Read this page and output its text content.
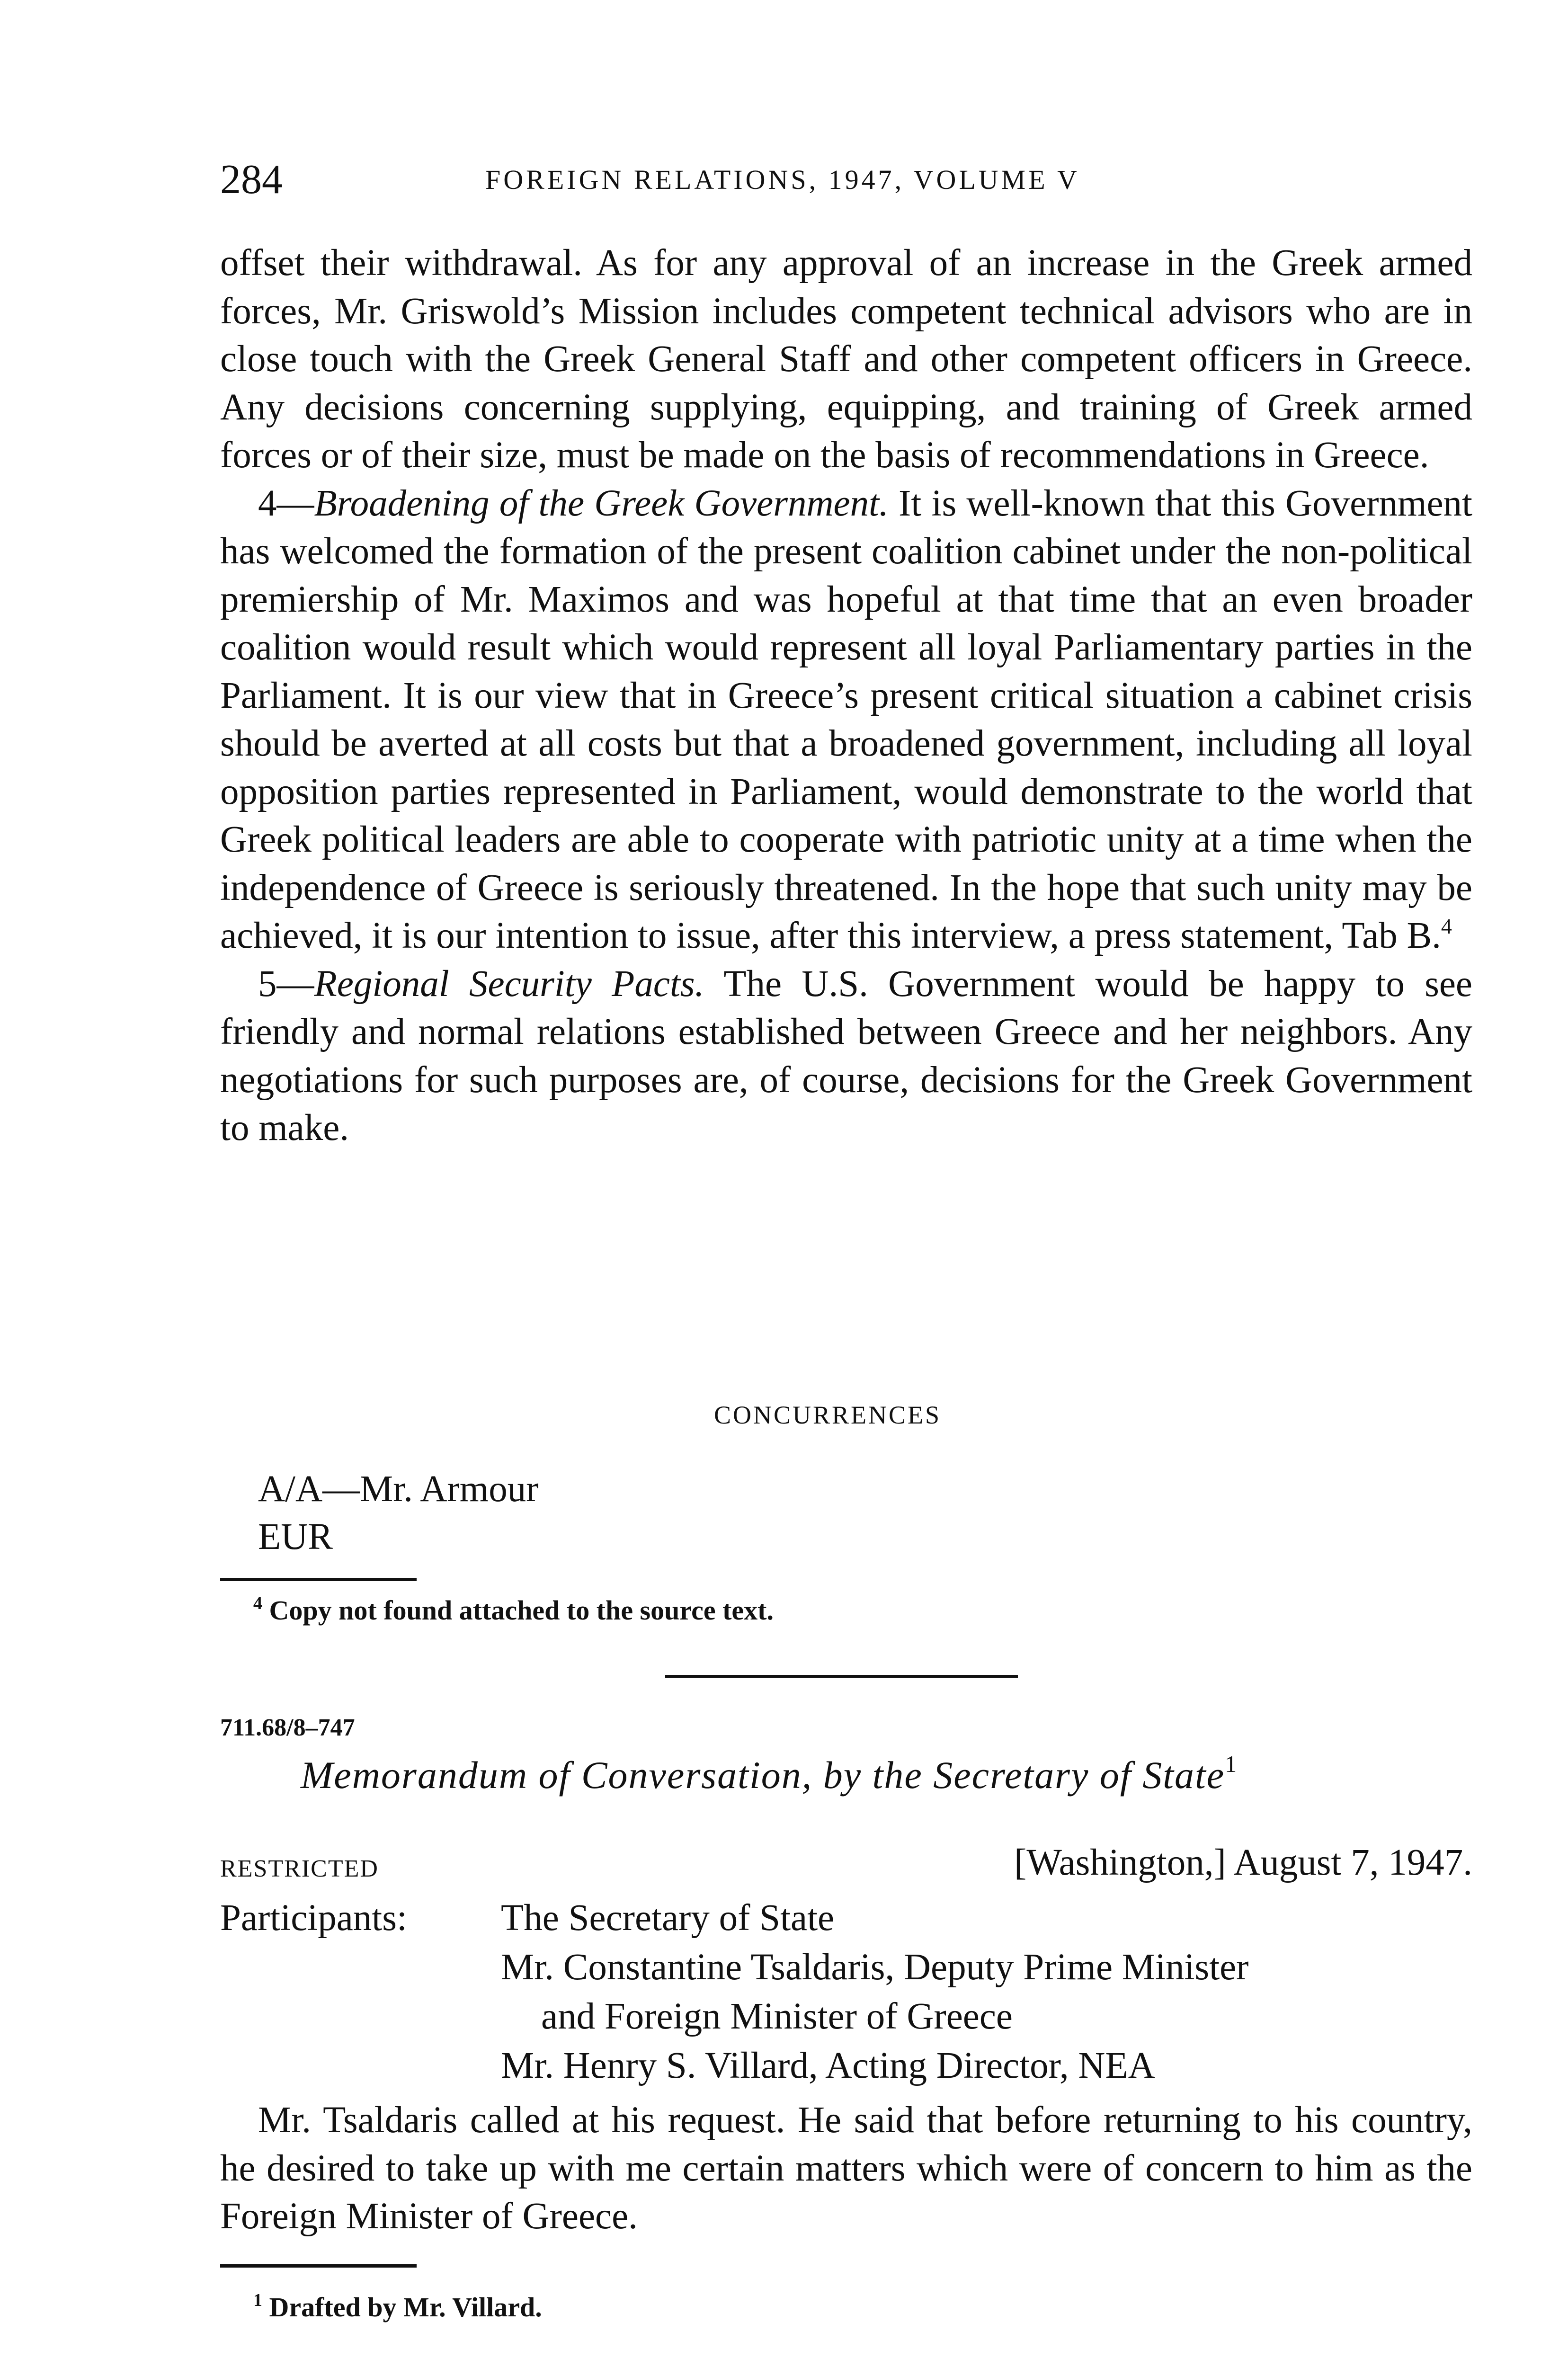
284	FOREIGN RELATIONS, 1947, VOLUME V

offset their withdrawal. As for any approval of an increase in the Greek armed forces, Mr. Griswold’s Mission includes competent technical advisors who are in close touch with the Greek General Staff and other competent officers in Greece. Any decisions concerning supplying, equipping, and training of Greek armed forces or of their size, must be made on the basis of recommendations in Greece.

4—Broadening of the Greek Government. It is well-known that this Government has welcomed the formation of the present coalition cabinet under the non-political premiership of Mr. Maximos and was hopeful at that time that an even broader coalition would result which would represent all loyal Parliamentary parties in the Parliament. It is our view that in Greece’s present critical situation a cabinet crisis should be averted at all costs but that a broadened government, including all loyal opposition parties represented in Parliament, would demonstrate to the world that Greek political leaders are able to cooperate with patriotic unity at a time when the independence of Greece is seriously threatened. In the hope that such unity may be achieved, it is our intention to issue, after this interview, a press statement, Tab B.$^4$

5—Regional Security Pacts. The U.S. Government would be happy to see friendly and normal relations established between Greece and her neighbors. Any negotiations for such purposes are, of course, decisions for the Greek Government to make.

CONCURRENCES
A/A—Mr. Armour
EUR
$^4$ Copy not found attached to the source text.
711.68/8–747
Memorandum of Conversation, by the Secretary of State$^1$
RESTRICTED	[Washington,] August 7, 1947.
Participants:	The Secretary of State
Mr. Constantine Tsaldaris, Deputy Prime Minister
and Foreign Minister of Greece
Mr. Henry S. Villard, Acting Director, NEA

Mr. Tsaldaris called at his request. He said that before returning to his country, he desired to take up with me certain matters which were of concern to him as the Foreign Minister of Greece.

$^1$ Drafted by Mr. Villard.
